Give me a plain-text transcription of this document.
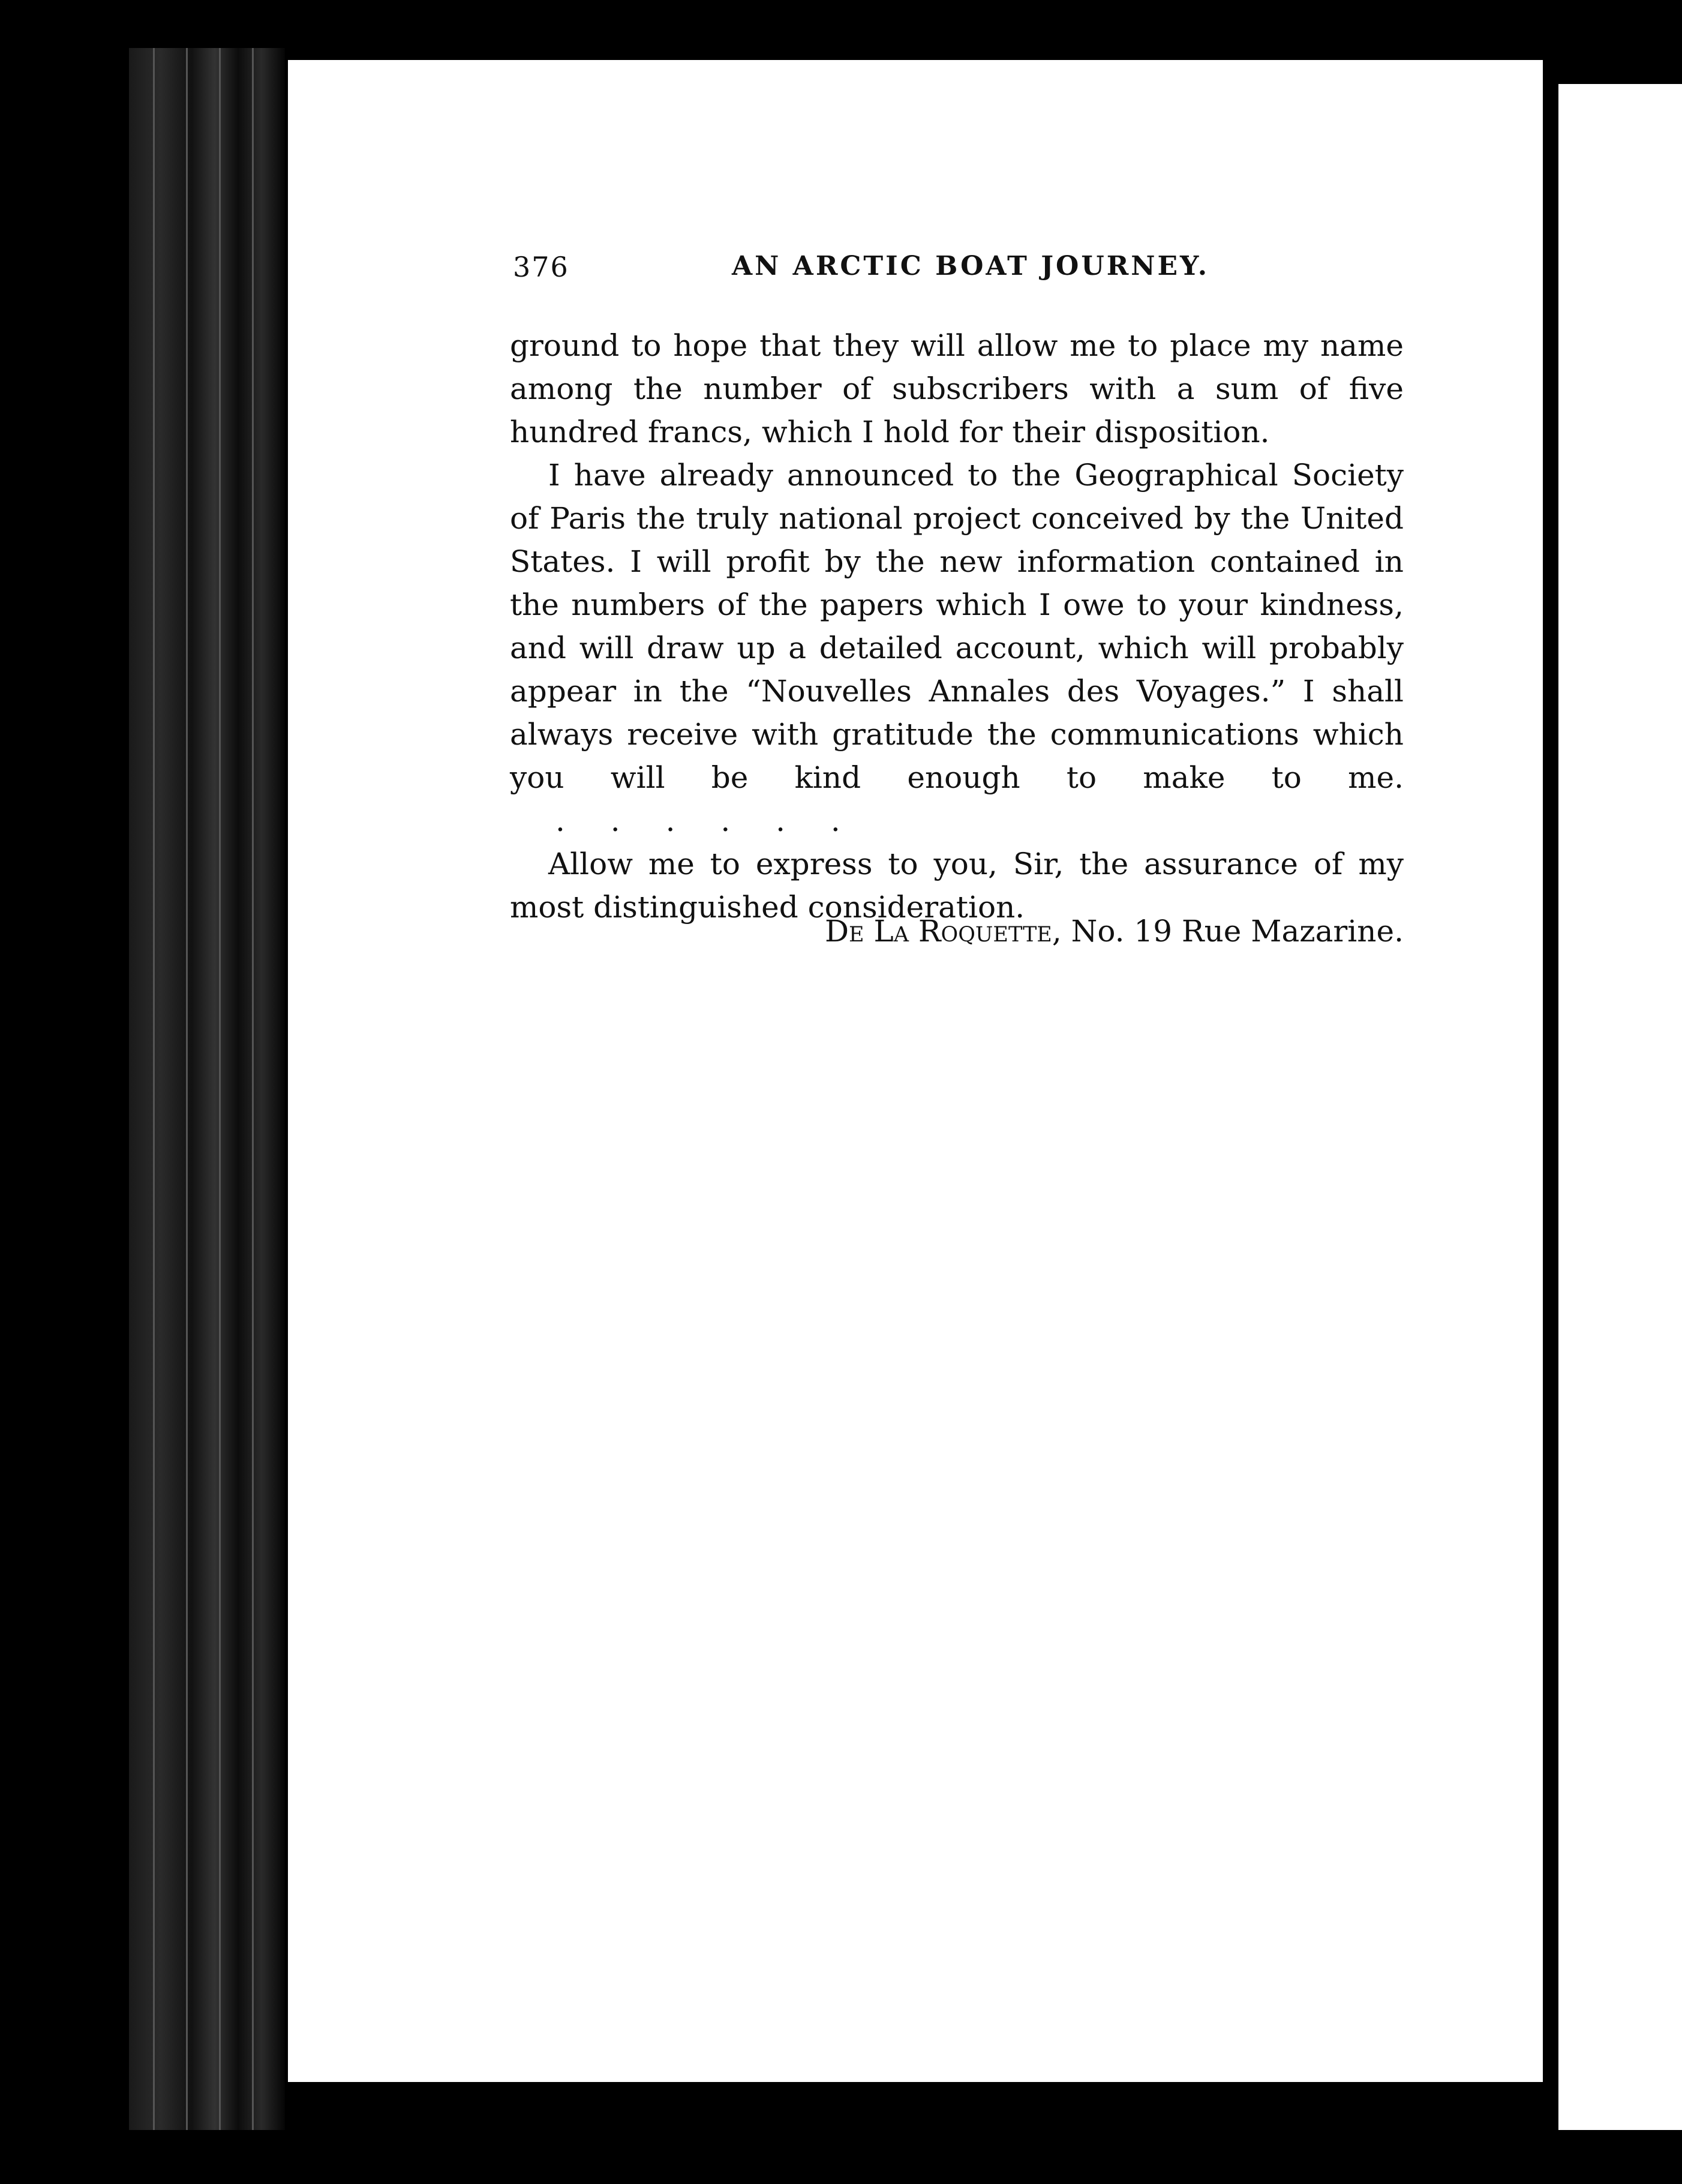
376	AN ARCTIC BOAT JOURNEY.

ground to hope that they will allow me to place my name among the number of subscribers with a sum of five hundred francs, which I hold for their disposition.

I have already announced to the Geographical Society of Paris the truly national project conceived by the United States. I will profit by the new information contained in the numbers of the papers which I owe to your kindness, and will draw up a detailed account, which will probably appear in the “Nouvelles Annales des Voyages.” I shall always receive with gratitude the communications which you will be kind enough to make to me.. . . . . .

Allow me to express to you, Sir, the assurance of my most distinguished consideration.

De La Roquette, No. 19 Rue Mazarine.
